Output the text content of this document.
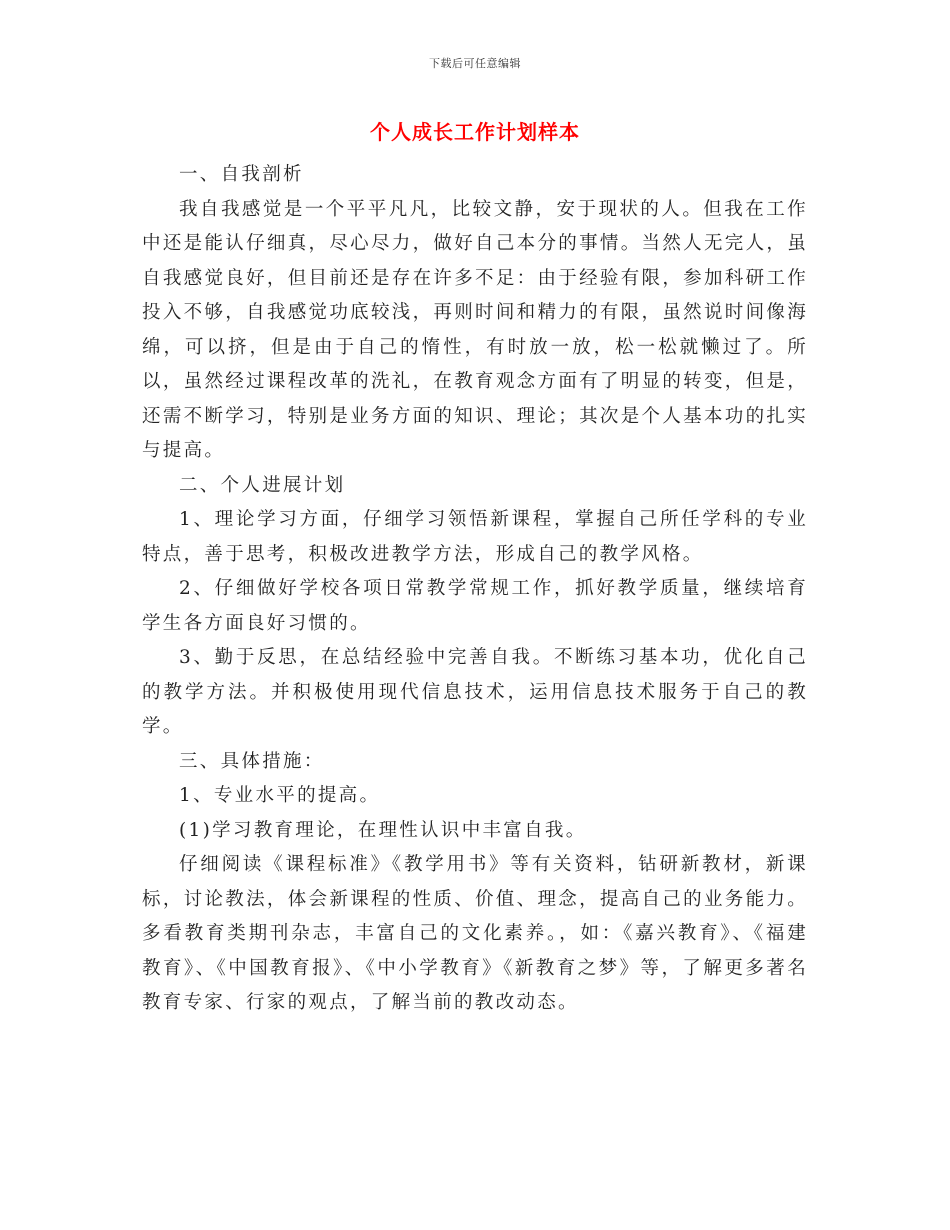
下载后可任意编辑
个人成长工作计划样本

一、自我剖析

我自我感觉是一个平平凡凡，比较文静，安于现状的人。但我在工作中还是能认仔细真，尽心尽力，做好自己本分的事情。当然人无完人，虽自我感觉良好，但目前还是存在许多不足：由于经验有限，参加科研工作投入不够，自我感觉功底较浅，再则时间和精力的有限，虽然说时间像海绵，可以挤，但是由于自己的惰性，有时放一放，松一松就懒过了。所以，虽然经过课程改革的洗礼，在教育观念方面有了明显的转变，但是，还需不断学习，特别是业务方面的知识、理论；其次是个人基本功的扎实与提高。

二、个人进展计划

1、理论学习方面，仔细学习领悟新课程，掌握自己所任学科的专业特点，善于思考，积极改进教学方法，形成自己的教学风格。

2、仔细做好学校各项日常教学常规工作，抓好教学质量，继续培育学生各方面良好习惯的。

3、勤于反思，在总结经验中完善自我。不断练习基本功，优化自己的教学方法。并积极使用现代信息技术，运用信息技术服务于自己的教学。

三、具体措施：

1、专业水平的提高。

(1)学习教育理论，在理性认识中丰富自我。

仔细阅读《课程标准》《教学用书》等有关资料，钻研新教材，新课标，讨论教法，体会新课程的性质、价值、理念，提高自己的业务能力。多看教育类期刊杂志，丰富自己的文化素养。，如：《嘉兴教育》、《福建教育》、《中国教育报》、《中小学教育》《新教育之梦》等，了解更多著名教育专家、行家的观点，了解当前的教改动态。
